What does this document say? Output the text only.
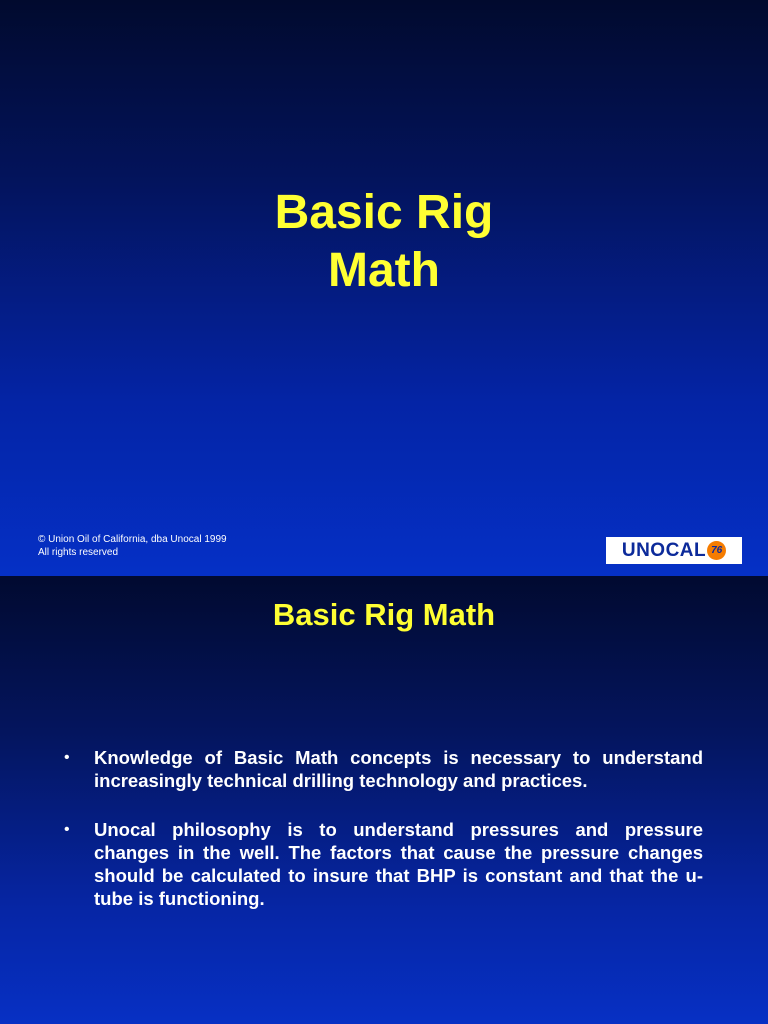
Basic Rig
Math
© Union Oil of California, dba Unocal 1999
All rights reserved	UNOCAL 76
Basic Rig Math
• Knowledge of Basic Math concepts is necessary to understand increasingly technical drilling technology and practices.
• Unocal philosophy is to understand pressures and pressure changes in the well. The factors that cause the pressure changes should be calculated to insure that BHP is constant and that the u-tube is functioning.
